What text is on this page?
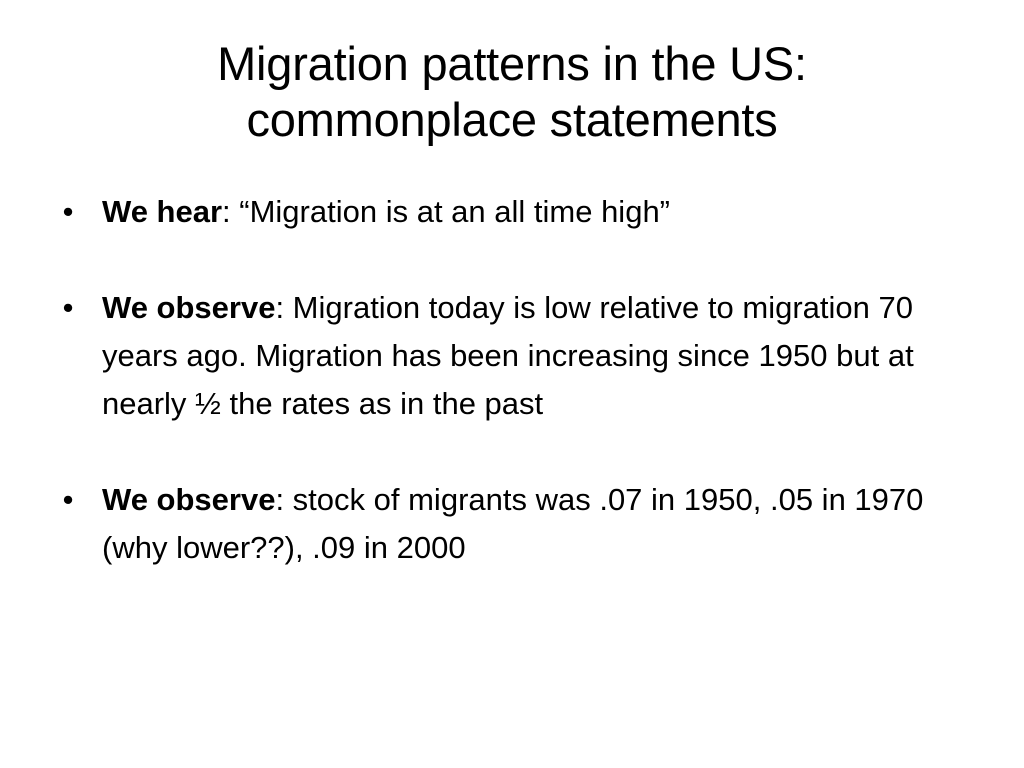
Migration patterns in the US:
commonplace statements
• We hear: “Migration is at an all time high”
• We observe: Migration today is low relative to migration 70 years ago. Migration has been increasing since 1950 but at nearly ½ the rates as in the past
• We observe: stock of migrants was .07 in 1950, .05 in 1970 (why lower??), .09 in 2000
